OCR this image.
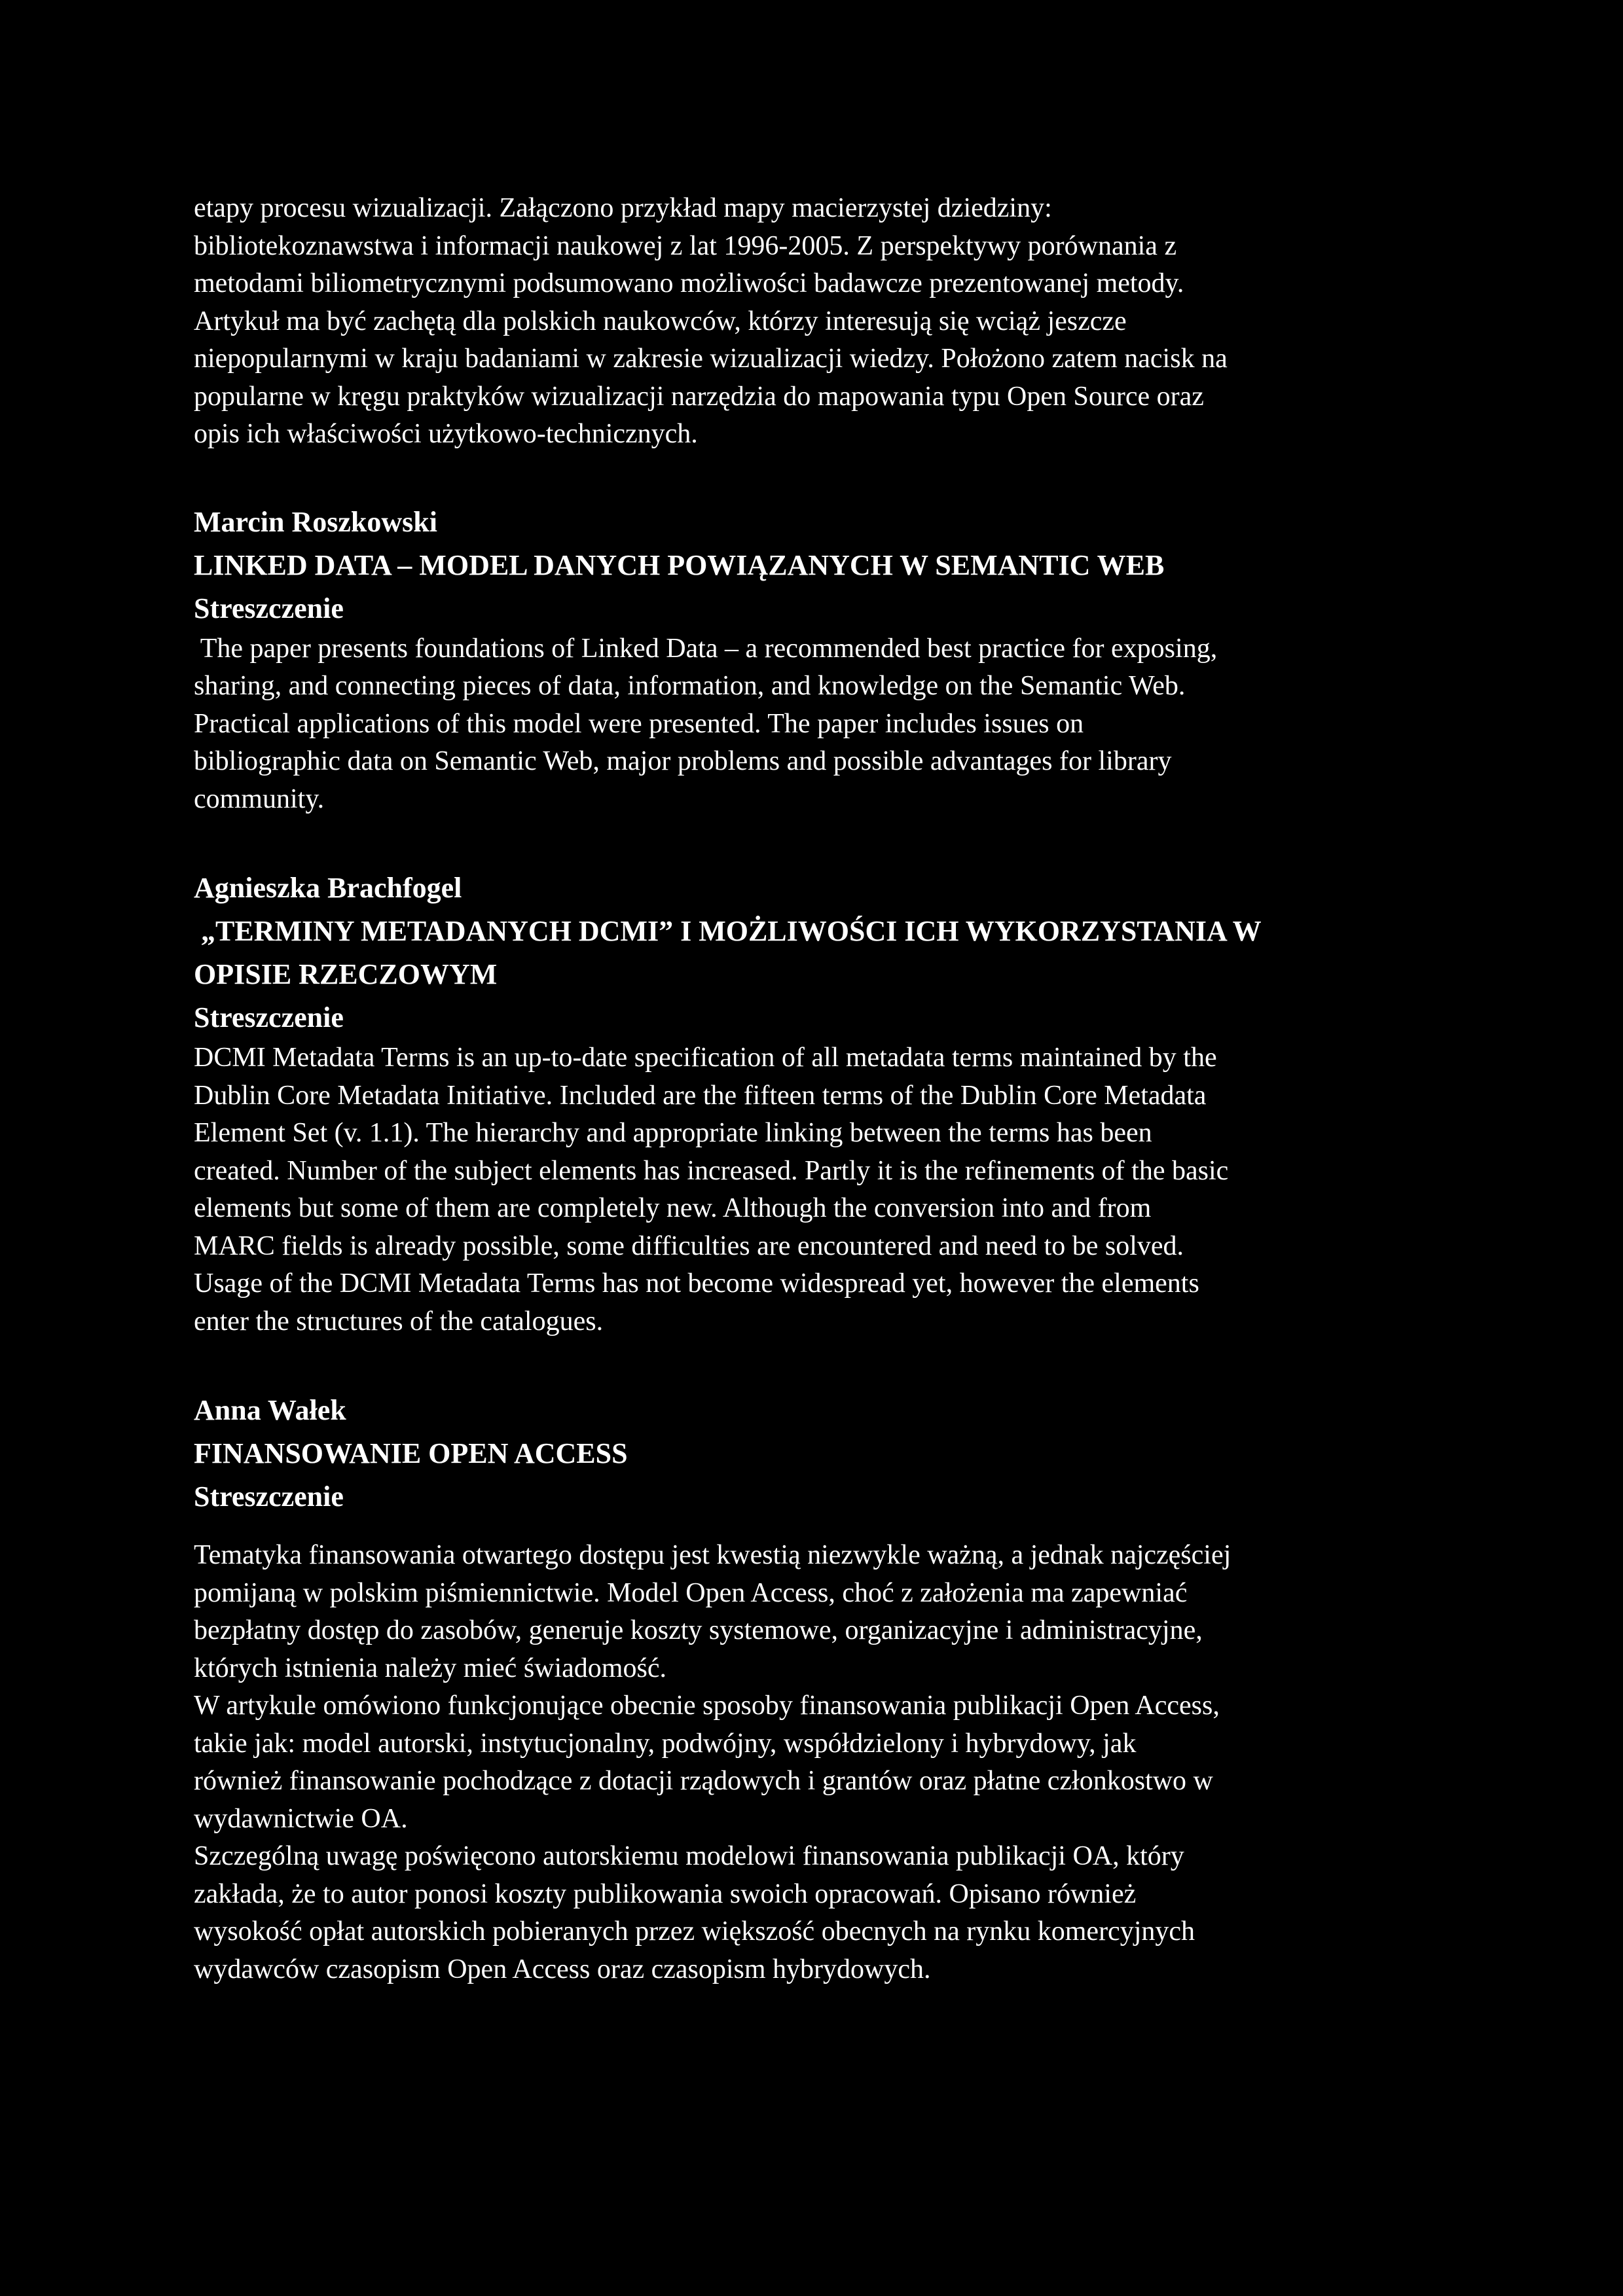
etapy procesu wizualizacji. Załączono przykład mapy macierzystej dziedziny:
bibliotekoznawstwa i informacji naukowej z lat 1996-2005. Z perspektywy porównania z
metodami biliometrycznymi podsumowano możliwości badawcze prezentowanej metody.
Artykuł ma być zachętą dla polskich naukowców, którzy interesują się wciąż jeszcze
niepopularnymi w kraju badaniami w zakresie wizualizacji wiedzy. Położono zatem nacisk na
popularne w kręgu praktyków wizualizacji narzędzia do mapowania typu Open Source oraz
opis ich właściwości użytkowo-technicznych.

Marcin Roszkowski
LINKED DATA – MODEL DANYCH POWIĄZANYCH W SEMANTIC WEB
Streszczenie

The paper presents foundations of Linked Data – a recommended best practice for exposing,
sharing, and connecting pieces of data, information, and knowledge on the Semantic Web.
Practical applications of this model were presented. The paper includes issues on
bibliographic data on Semantic Web, major problems and possible advantages for library
community.

Agnieszka Brachfogel
„TERMINY METADANYCH DCMI” I MOŻLIWOŚCI ICH WYKORZYSTANIA W
OPISIE RZECZOWYM
Streszczenie

DCMI Metadata Terms is an up-to-date specification of all metadata terms maintained by the
Dublin Core Metadata Initiative. Included are the fifteen terms of the Dublin Core Metadata
Element Set (v. 1.1). The hierarchy and appropriate linking between the terms has been
created. Number of the subject elements has increased. Partly it is the refinements of the basic
elements but some of them are completely new. Although the conversion into and from
MARC fields is already possible, some difficulties are encountered and need to be solved.
Usage of the DCMI Metadata Terms has not become widespread yet, however the elements
enter the structures of the catalogues.

Anna Wałek
FINANSOWANIE OPEN ACCESS
Streszczenie

Tematyka finansowania otwartego dostępu jest kwestią niezwykle ważną, a jednak najczęściej
pomijaną w polskim piśmiennictwie. Model Open Access, choć z założenia ma zapewniać
bezpłatny dostęp do zasobów, generuje koszty systemowe, organizacyjne i administracyjne,
których istnienia należy mieć świadomość.
W artykule omówiono funkcjonujące obecnie sposoby finansowania publikacji Open Access,
takie jak: model autorski, instytucjonalny, podwójny, współdzielony i hybrydowy, jak
również finansowanie pochodzące z dotacji rządowych i grantów oraz płatne członkostwo w
wydawnictwie OA.
Szczególną uwagę poświęcono autorskiemu modelowi finansowania publikacji OA, który
zakłada, że to autor ponosi koszty publikowania swoich opracowań. Opisano również
wysokość opłat autorskich pobieranych przez większość obecnych na rynku komercyjnych
wydawców czasopism Open Access oraz czasopism hybrydowych.
